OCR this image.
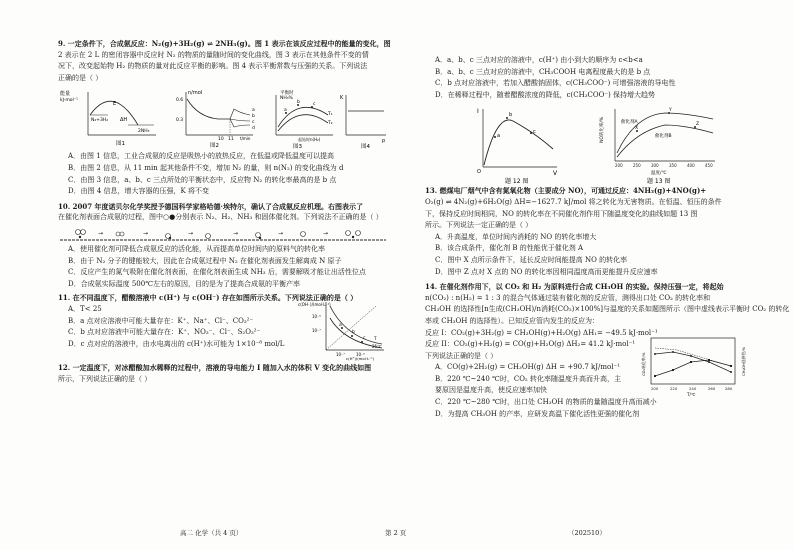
9. 一定条件下，合成氨反应：N₂(g)+3H₂(g) ⇌ 2NH₃(g)。图 1 表示在该反应过程中的能量的变化，图
2 表示在 2 L 的密闭容器中反应时 N₂ 的物质的量随时间的变化曲线，图 3 表示在其他条件不变的情
况下，改变起始物 H₂ 的物质的量对此反应平衡的影响。图 4 表示平衡常数与压强的关系。下列说法
正确的是（ ）
能量
kJ·mol⁻¹
E
ΔH
N₂+3H₂
2NH₃
图1
n/mol
0.6
0.3
10 11 t/min
a
b
c
d
图2
平衡时
NH₃%
a
b	c
T₁
T₂
起始时n(H₂)
图3
K
p
图4
A．由图 1 信息，工业合成氨的反应是吸热小的放热反应，在低温或降低温度可以提高
B．由图 2 信息，从 11 min 起其他条件不变，增加 N₂ 的量，则 n(N₂) 的变化曲线为 d
C．由图 3 信息，a、b、c 三点所处的平衡状态中，反应物 N₂ 的转化率最高的是 b 点
D．由图 4 信息，增大容器的压强，K 将不变
10. 2007 年度诺贝尔化学奖授予德国科学家格哈德·埃特尔，确认了合成氨反应机理。右图表示了
在催化剂表面合成氨的过程，图中○●分别表示 N₂、H₂、NH₃ 和固体催化剂。下列说法不正确的是（ ）
→	→	→	→	→	→
A．使用催化剂可降低合成氨反应的活化能，从而提高单位时间内的原料气的转化率
B．由于 N₂ 分子的键能较大，因此在合成氨过程中 N₂ 在催化剂表面发生解离成 N 原子
C．反应产生的氮气吸附在催化剂表面，在催化剂表面生成 NH₃ 后，需要解吸才能让出活性位点
D．合成氨实际温度 500℃左右的原因，目的是为了提高合成氨的平衡产率
11. 在不同温度下，醋酸溶液中 c(H⁺) 与 c(OH⁻) 存在如图所示关系。下列说法正确的是（ ）
A．T< 25
B．a 点对应溶液中可能大量存在：K⁺、Na⁺、Cl⁻、CO₃²⁻
C．b 点对应溶液中可能大量存在：K⁺、NO₃⁻、Cl⁻、S₂O₃²⁻
D．c 点对应的溶液中，由水电离出的 c(H⁺)水可能为 1×10⁻⁸ mol/L
c(OH⁻)/(mol·L⁻¹)
10⁻⁶
10⁻⁷
10⁻⁷	10⁻⁶
c(H⁺)/(mol·L⁻¹)
a
b
c T
25℃
12. 一定温度下，对冰醋酸加水稀释的过程中，溶液的导电能力 I 随加入水的体积 V 变化的曲线如图
所示，下列说法正确的是（ ）
A．a、b、c 三点对应的溶液中，c(H⁺) 由小到大的顺序为 c<b<a
B．a、b、c 三点对应的溶液中，CH₃COOH 电离程度最大的是 b 点
C．b 点对应溶液中，若加入醋酸钠固体，c(CH₃COO⁻) 可增强溶液的导电性
D．在稀释过程中，随着醋酸浓度的降低，c(CH₃COO⁻) 保持增大趋势
I
V
O
a
b
c
题 12 图
NO转化率/%	X
Y
Z
催化剂A
催化剂B
200	250	300	350	400	450
温度/℃
题 13 图
13. 燃煤电厂烟气中含有氮氧化物（主要成分 NO），可通过反应：4NH₃(g)+4NO(g)+
O₂(g) ⇌ 4N₂(g)+6H₂O(g) ΔH=−1627.7 kJ/mol 将之转化为无害物质。在恒温、恒压的条件
下，保持反应时间相同，NO 的转化率在不同催化剂作用下随温度变化的曲线如题 13 图
所示。下列说法一定正确的是（ ）
A．升高温度，单位时间内消耗的 NO 的转化率增大
B．该合成条件，催化剂 B 的性能优于催化剂 A
C．图中 X 点所示条件下，延长反应时间能提高 NO 的转化率
D．图中 Z 点对 X 点的 NO 的转化率因相同温度高而更能提升反应速率
14. 在催化剂作用下，以 CO₂ 和 H₂ 为原料进行合成 CH₃OH 的实验。保持压强一定，将起始
n(CO₂) : n(H₂) = 1 : 3 的混合气体通过装有催化剂的反应管，测得出口处 CO₂ 的转化率和
CH₃OH 的选择性[n生成(CH₃OH)/n消耗(CO₂)×100%]与温度的关系如题图所示（图中虚线表示平衡时 CO₂ 的转化
率或 CH₃OH 的选择性）。已知反应管内发生的反应为：
反应 I：CO₂(g)+3H₂(g) = CH₃OH(g)+H₂O(g) ΔH₁= −49.5 kJ·mol⁻¹
反应 II：CO₂(g)+H₂(g) = CO(g)+H₂O(g) ΔH₂= 41.2 kJ·mol⁻¹
下列说法正确的是（ ）
A．CO(g)+2H₂(g) = CH₃OH(g) ΔH = +90.7 kJ/mol⁻¹
B．220 ℃~240 ℃时，CO₂ 转化率随温度升高而升高，主
要原因是温度升高，使反应速率加快
C．220 ℃~280 ℃时，出口处 CH₃OH 的物质的量随温度升高而减小
D．为提高 CH₃OH 的产率，应研发高温下催化活性更强的催化剂
CO₂转化率/%	CH₃OH选择性/%
200	220	240	260	280
T/℃
高二 化学（共 4 页）	第 2 页	（202510）
